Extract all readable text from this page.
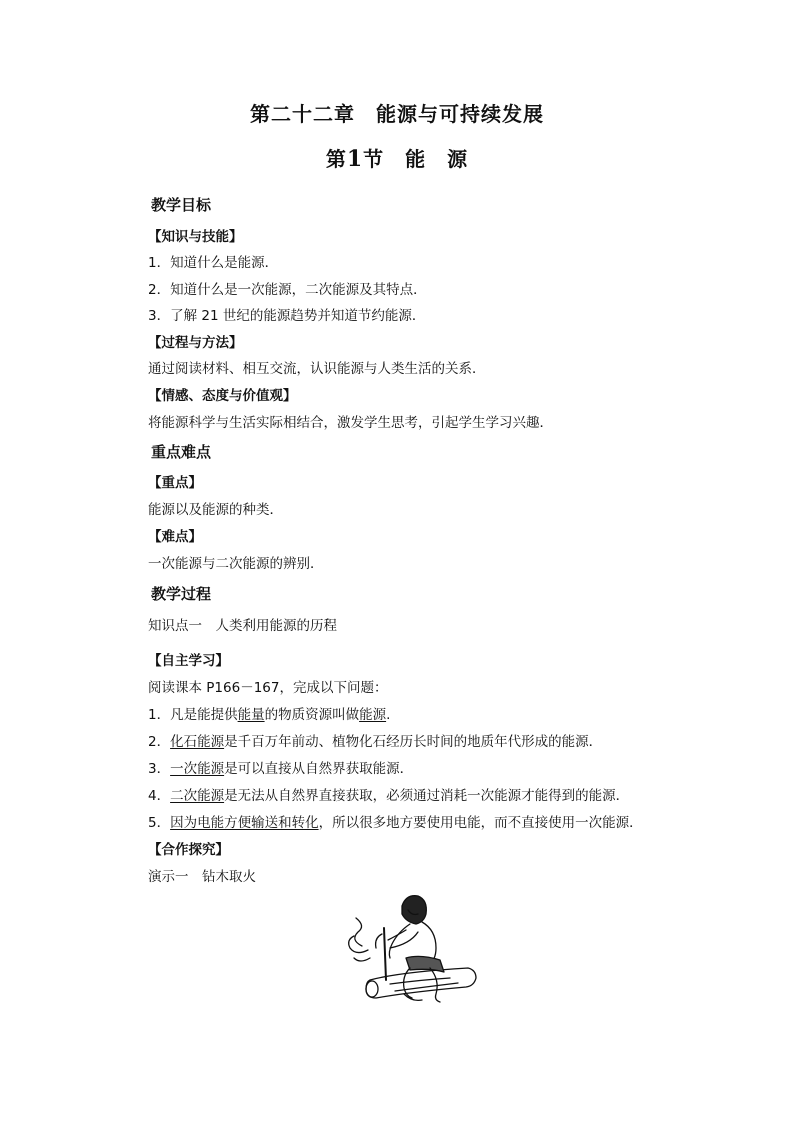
第二十二章　能源与可持续发展
第1节　能　源
教学目标
【知识与技能】
1．知道什么是能源．
2．知道什么是一次能源，二次能源及其特点．
3．了解 21 世纪的能源趋势并知道节约能源．
【过程与方法】
通过阅读材料、相互交流，认识能源与人类生活的关系．
【情感、态度与价值观】
将能源科学与生活实际相结合，激发学生思考，引起学生学习兴趣．
重点难点
【重点】
能源以及能源的种类．
【难点】
一次能源与二次能源的辨别．
教学过程
知识点一　人类利用能源的历程
【自主学习】
阅读课本 P166－167，完成以下问题：
1．凡是能提供能量的物质资源叫做能源.
2．化石能源是千百万年前动、植物化石经历长时间的地质年代形成的能源．
3．一次能源是可以直接从自然界获取能源．
4．二次能源是无法从自然界直接获取，必须通过消耗一次能源才能得到的能源．
5．因为电能方便输送和转化，所以很多地方要使用电能，而不直接使用一次能源．
【合作探究】
演示一　钻木取火
